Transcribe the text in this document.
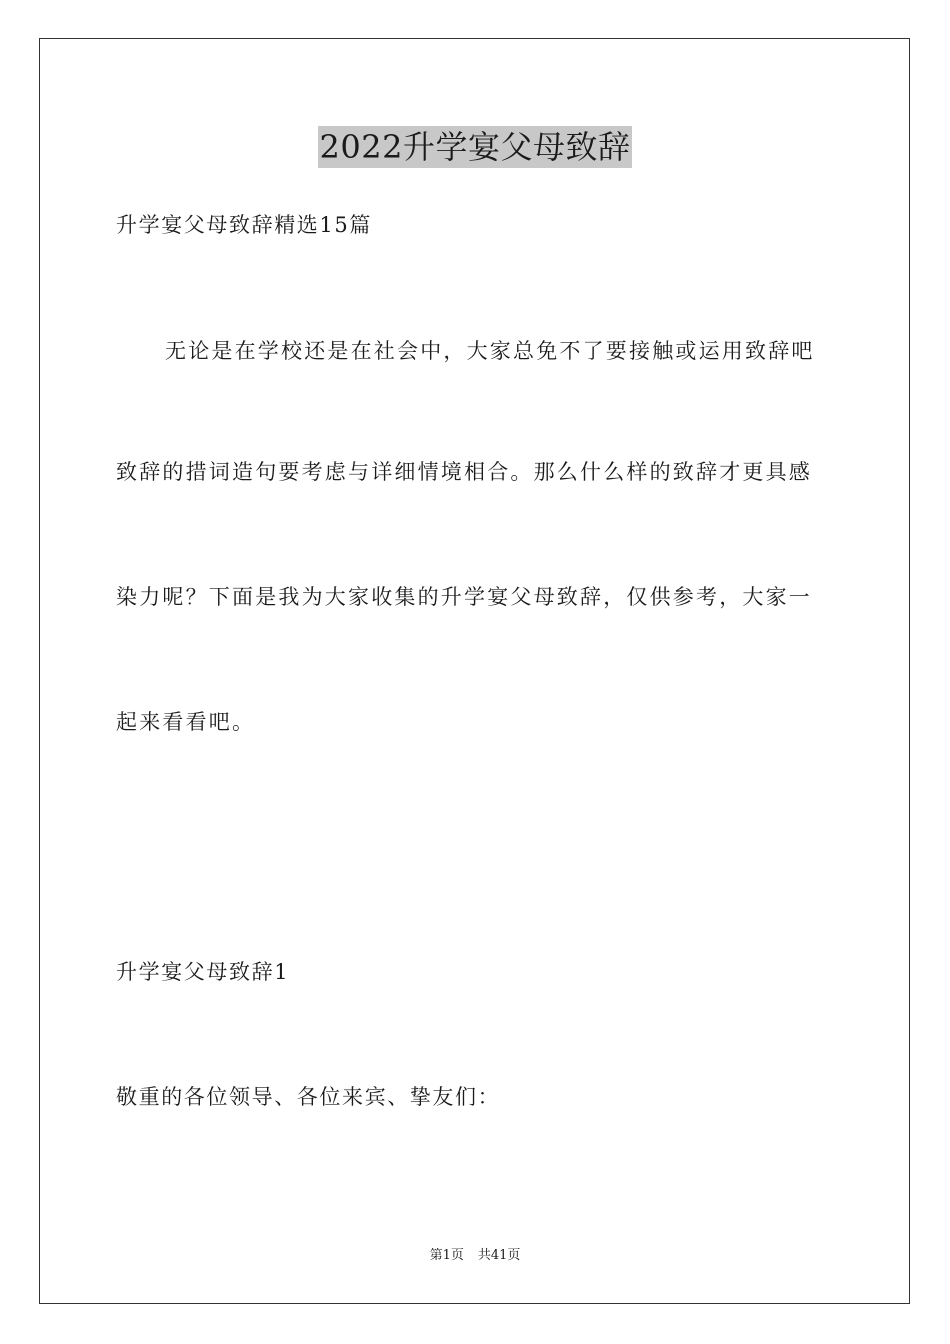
2022升学宴父母致辞
升学宴父母致辞精选15篇
无论是在学校还是在社会中，大家总免不了要接触或运用致辞吧
致辞的措词造句要考虑与详细情境相合。那么什么样的致辞才更具感
染力呢？下面是我为大家收集的升学宴父母致辞，仅供参考，大家一
起来看看吧。
升学宴父母致辞1
敬重的各位领导、各位来宾、挚友们：
第1页 共41页
